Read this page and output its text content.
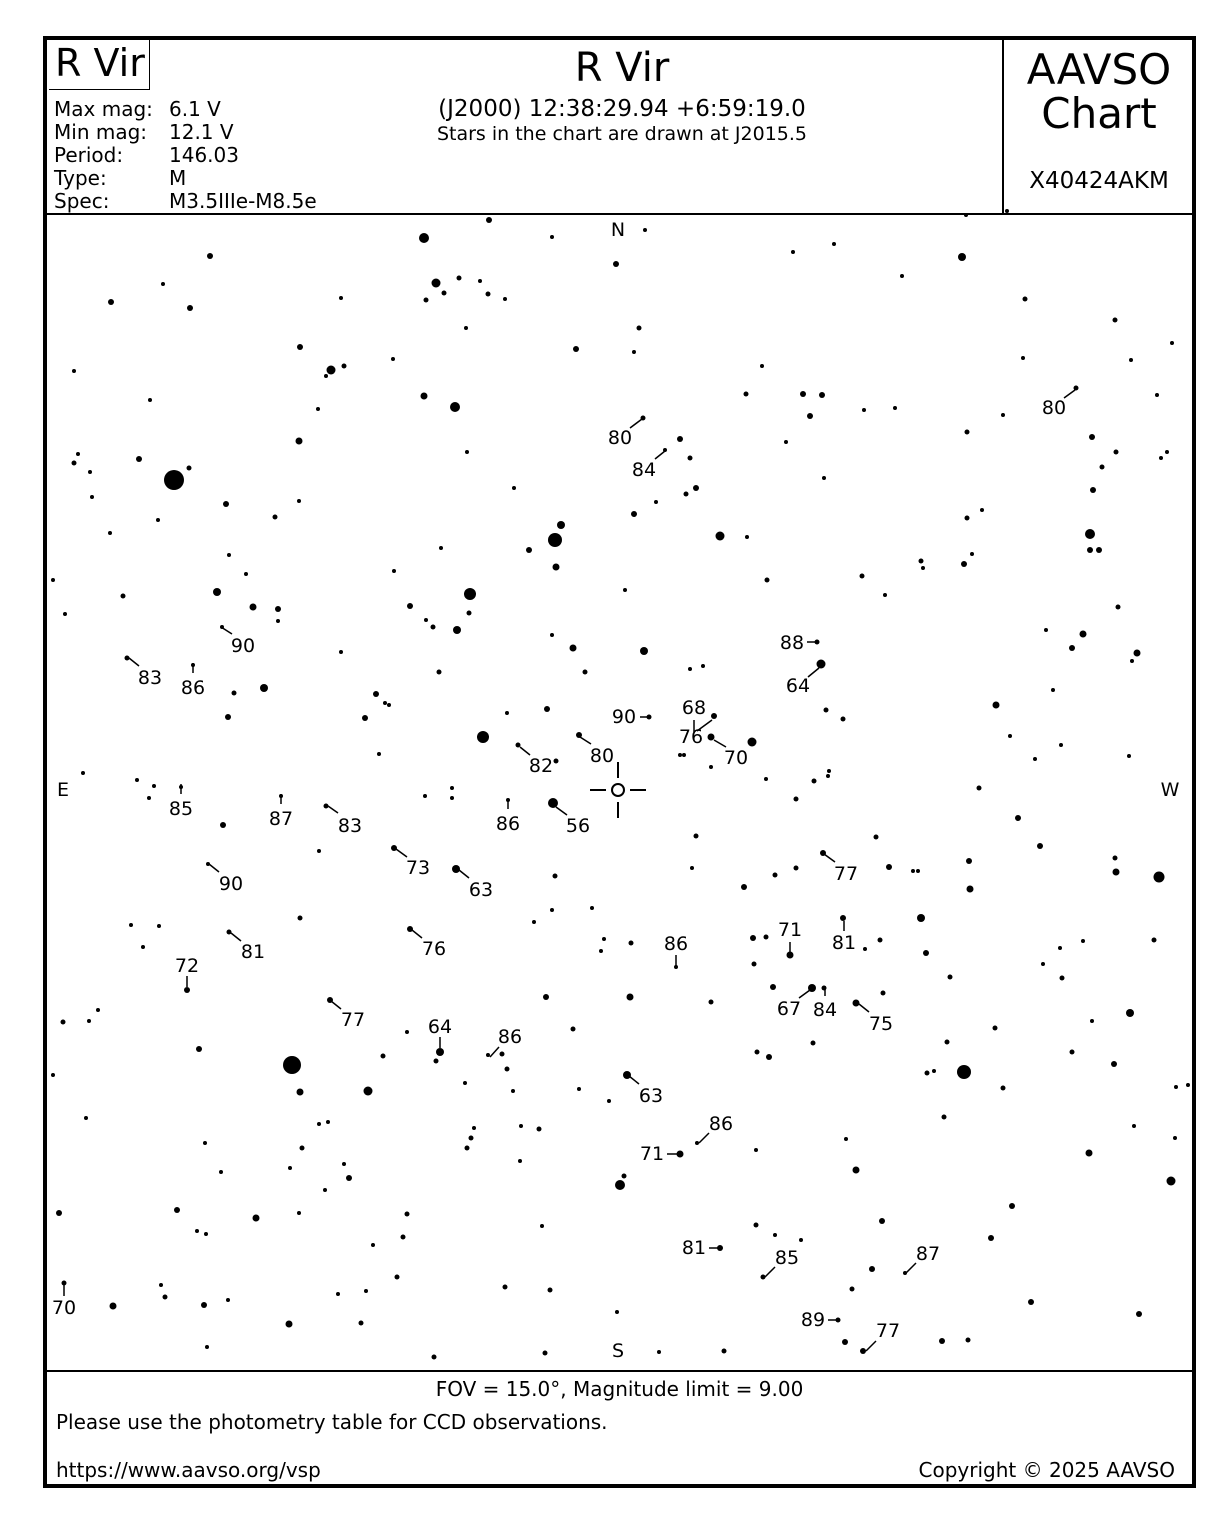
R Vir
Max mag: 6.1 V
Min mag:	12.1 V
Period:	146.03
Type:	M
Spec:	M3.5IIIe-M8.5e
R Vir
(J2000) 12:38:29.94 +6:59:19.0
Stars in the chart are drawn at J2015.5
AAVSO
Chart
X40424AKM
FOV = 15.0°, Magnitude limit = 9.00
Please use the photometry table for CCD observations.
https://www.aavso.org/vsp	Copyright © 2025 AAVSO
80
84
80
88
64
90 68
76
70
82 80
90
83 86
85	87 83	86 56
73
63
77
90
81
72
71
81
86
76
67 84
75
77	64 86
63
86
71
81	85	87
89	77
70
N
S
E	W
